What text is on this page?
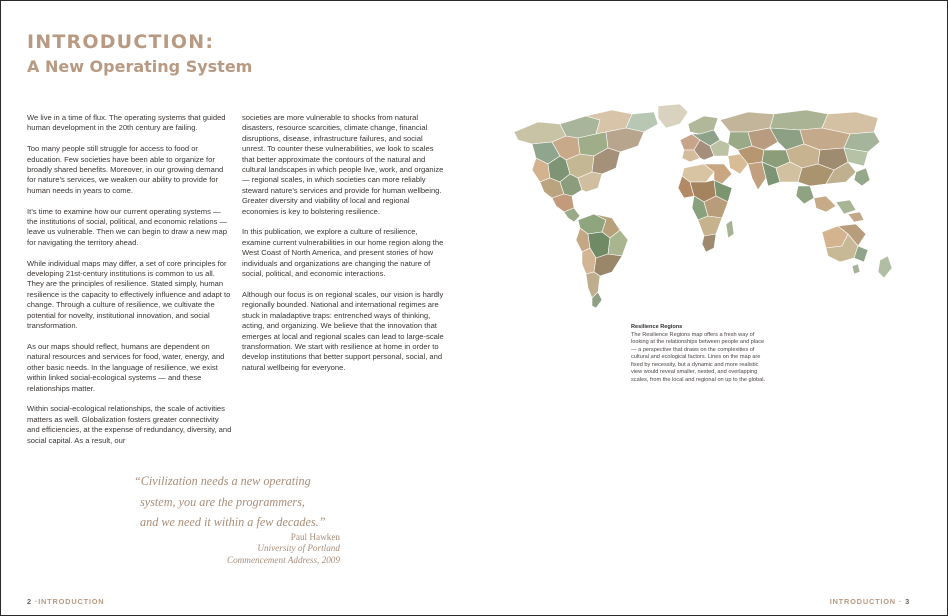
INTRODUCTION:
A New Operating System

We live in a time of flux. The operating systems that guided human development in the 20th century are failing.

Too many people still struggle for access to food or education. Few societies have been able to organize for broadly shared benefits. Moreover, in our growing demand for nature’s services, we weaken our ability to provide for human needs in years to come.

It’s time to examine how our current operating systems — the institutions of social, political, and economic relations — leave us vulnerable. Then we can begin to draw a new map for navigating the territory ahead.

While individual maps may differ, a set of core principles for developing 21st-century institutions is common to us all. They are the principles of resilience. Stated simply, human resilience is the capacity to effectively influence and adapt to change. Through a culture of resilience, we cultivate the potential for novelty, institutional innovation, and social transformation.

As our maps should reflect, humans are dependent on natural resources and services for food, water, energy, and other basic needs. In the language of resilience, we exist within linked social-ecological systems — and these relationships matter.

Within social-ecological relationships, the scale of activities matters as well. Globalization fosters greater connectivity and efficiencies, at the expense of redundancy, diversity, and social capital. As a result, our

societies are more vulnerable to shocks from natural disasters, resource scarcities, climate change, financial disruptions, disease, infrastructure failures, and social unrest. To counter these vulnerabilities, we look to scales that better approximate the contours of the natural and cultural landscapes in which people live, work, and organize — regional scales, in which societies can more reliably steward nature’s services and provide for human wellbeing. Greater diversity and viability of local and regional economies is key to bolstering resilience.

In this publication, we explore a culture of resilience, examine current vulnerabilities in our home region along the West Coast of North America, and present stories of how individuals and organizations are changing the nature of social, political, and economic interactions.

Although our focus is on regional scales, our vision is hardly regionally bounded. National and international regimes are stuck in maladaptive traps: entrenched ways of thinking, acting, and organizing. We believe that the innovation that emerges at local and regional scales can lead to large-scale transformation. We start with resilience at home in order to develop institutions that better support personal, social, and natural wellbeing for everyone.

“Civilization needs a new operating
system, you are the programmers,
and we need it within a few decades.”
Paul Hawken
University of Portland
Commencement Address, 2009
Resilience Regions
The Resilience Regions map offers a fresh way of looking at the relationships between people and place — a perspective that draws on the complexities of cultural and ecological factors. Lines on the map are fixed by necessity, but a dynamic and more realistic view would reveal smaller, nested, and overlapping scales, from the local and regional on up to the global.
2 ·INTRODUCTION	INTRODUCTION · 3
